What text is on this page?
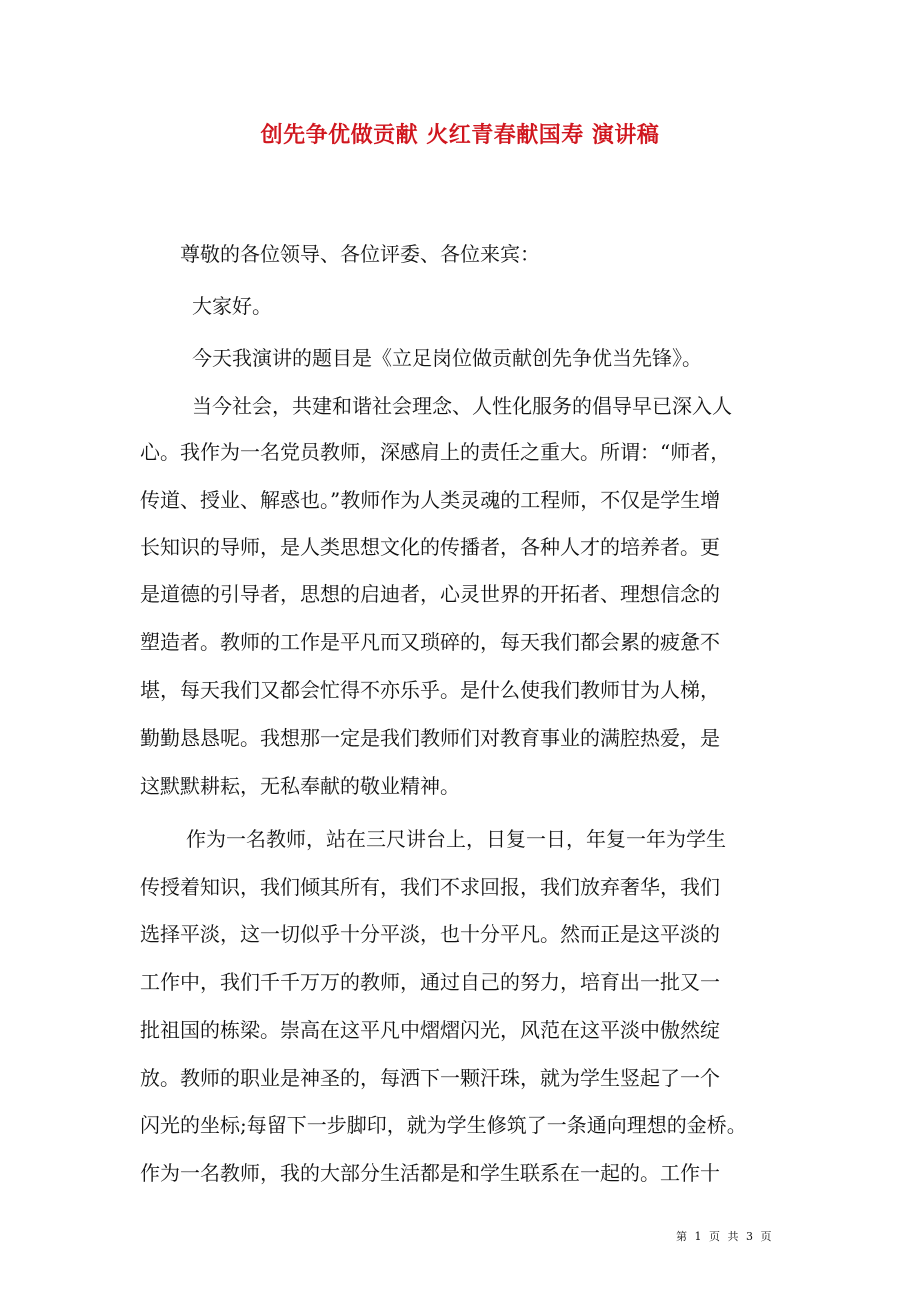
创先争优做贡献 火红青春献国寿 演讲稿
尊敬的各位领导、各位评委、各位来宾：
大家好。
今天我演讲的题目是《立足岗位做贡献创先争优当先锋》。
当今社会，共建和谐社会理念、人性化服务的倡导早已深入人
心。我作为一名党员教师，深感肩上的责任之重大。所谓：“师者，
传道、授业、解惑也。”教师作为人类灵魂的工程师，不仅是学生增
长知识的导师，是人类思想文化的传播者，各种人才的培养者。更
是道德的引导者，思想的启迪者，心灵世界的开拓者、理想信念的
塑造者。教师的工作是平凡而又琐碎的，每天我们都会累的疲惫不
堪，每天我们又都会忙得不亦乐乎。是什么使我们教师甘为人梯，
勤勤恳恳呢。我想那一定是我们教师们对教育事业的满腔热爱，是
这默默耕耘，无私奉献的敬业精神。
作为一名教师，站在三尺讲台上，日复一日，年复一年为学生
传授着知识，我们倾其所有，我们不求回报，我们放弃奢华，我们
选择平淡，这一切似乎十分平淡，也十分平凡。然而正是这平淡的
工作中，我们千千万万的教师，通过自己的努力，培育出一批又一
批祖国的栋梁。崇高在这平凡中熠熠闪光，风范在这平淡中傲然绽
放。教师的职业是神圣的，每洒下一颗汗珠，就为学生竖起了一个
闪光的坐标;每留下一步脚印，就为学生修筑了一条通向理想的金桥。
作为一名教师，我的大部分生活都是和学生联系在一起的。工作十
第 1 页 共 3 页
